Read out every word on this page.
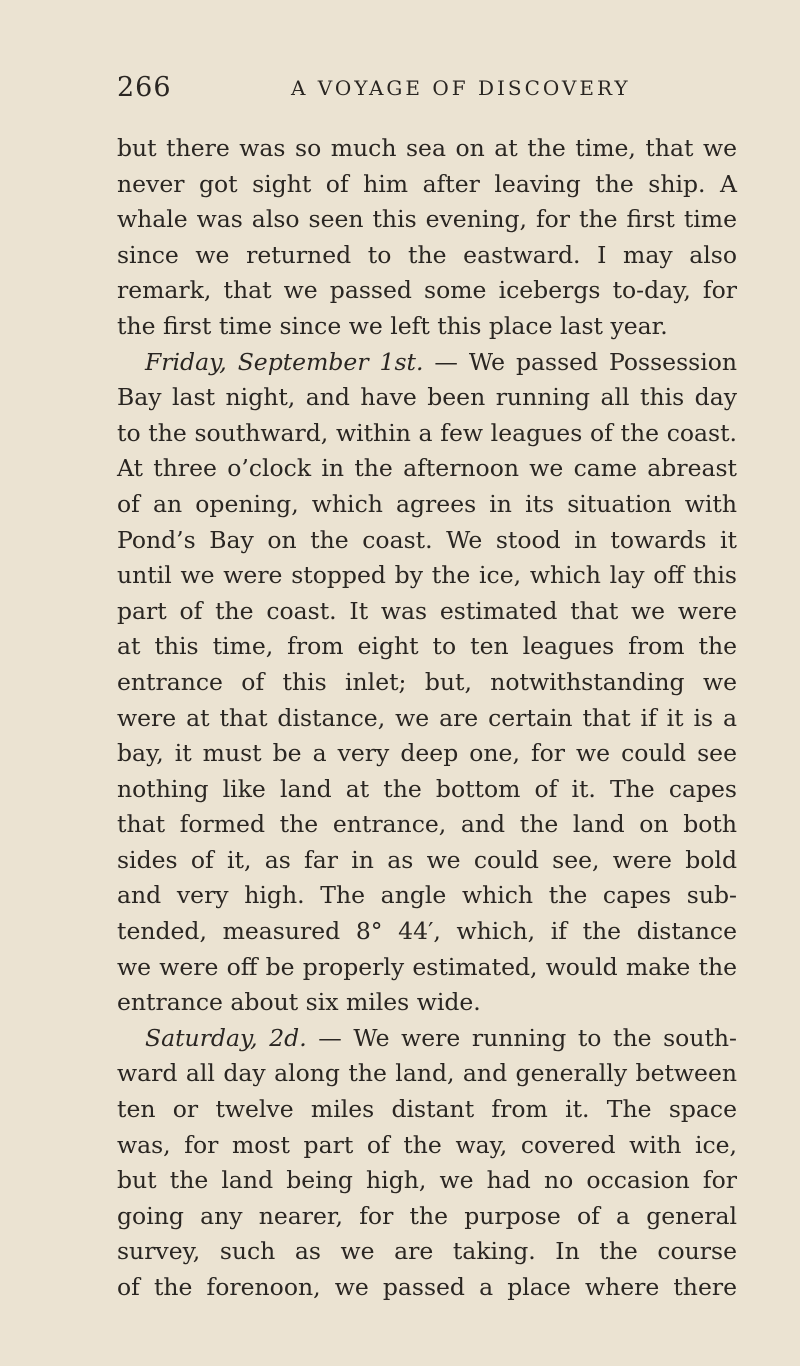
266	A VOYAGE OF DISCOVERY
but there was so much sea on at the time, that we
never got sight of him after leaving the ship. A
whale was also seen this evening, for the first time
since we returned to the eastward. I may also
remark, that we passed some icebergs to-day, for
the first time since we left this place last year.
Friday, September 1st. — We passed Possession
Bay last night, and have been running all this day
to the southward, within a few leagues of the coast.
At three o’clock in the afternoon we came abreast
of an opening, which agrees in its situation with
Pond’s Bay on the coast. We stood in towards it
until we were stopped by the ice, which lay off this
part of the coast. It was estimated that we were
at this time, from eight to ten leagues from the
entrance of this inlet; but, notwithstanding we
were at that distance, we are certain that if it is a
bay, it must be a very deep one, for we could see
nothing like land at the bottom of it. The capes
that formed the entrance, and the land on both
sides of it, as far in as we could see, were bold
and very high. The angle which the capes sub-
tended, measured 8° 44′, which, if the distance
we were off be properly estimated, would make the
entrance about six miles wide.
Saturday, 2d. — We were running to the south-
ward all day along the land, and generally between
ten or twelve miles distant from it. The space
was, for most part of the way, covered with ice,
but the land being high, we had no occasion for
going any nearer, for the purpose of a general
survey, such as we are taking. In the course
of the forenoon, we passed a place where there
